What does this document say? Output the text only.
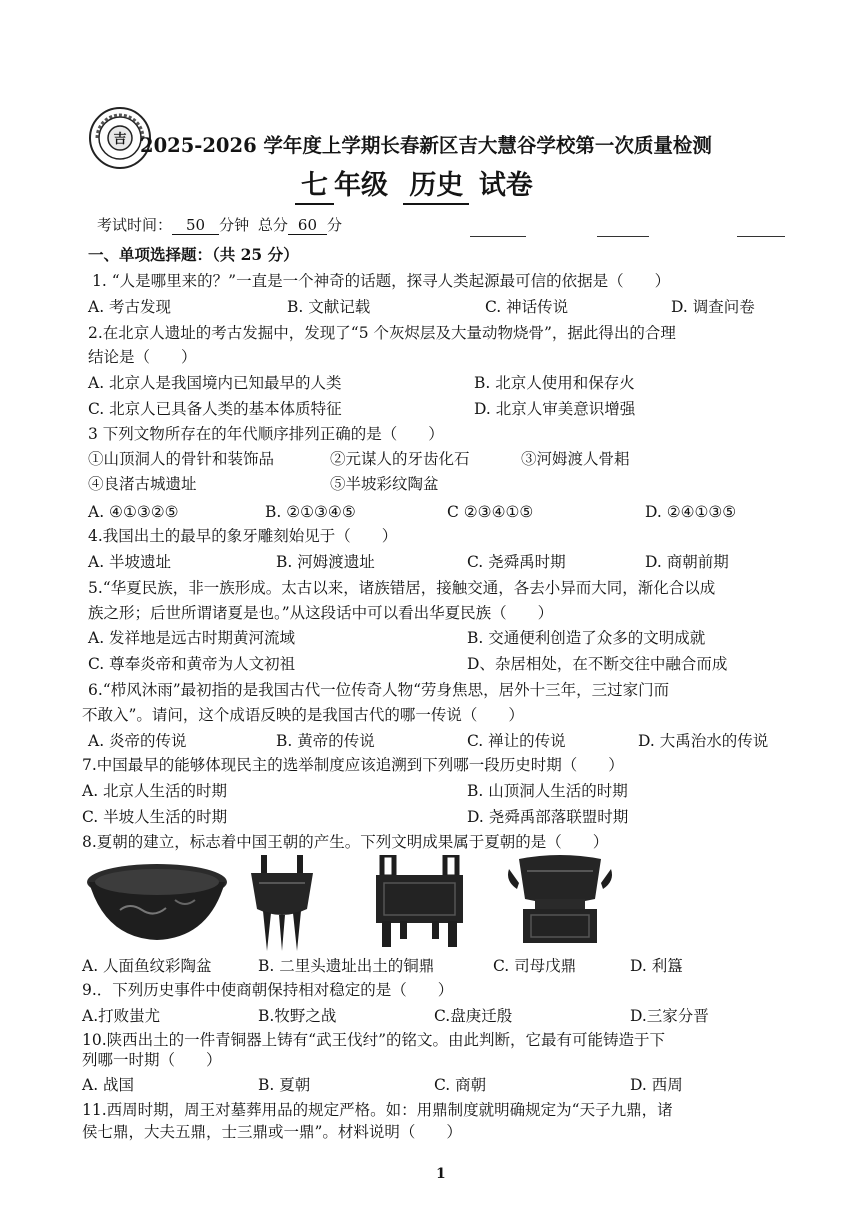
吉 2025-2026 学年度上学期长春新区吉大慧谷学校第一次质量检测
七 年级 历史 试卷
考试时间： 50 分钟 总分 60 分
一、单项选择题：（共 25 分）
1. “人是哪里来的？”一直是一个神奇的话题，探寻人类起源最可信的依据是（　　）
A. 考古发现	B. 文献记载	C. 神话传说	D. 调查问卷
2.在北京人遗址的考古发掘中，发现了“5 个灰烬层及大量动物烧骨”，据此得出的合理
结论是（　　）
A. 北京人是我国境内已知最早的人类	B. 北京人使用和保存火
C. 北京人已具备人类的基本体质特征	D. 北京人审美意识增强
3 下列文物所存在的年代顺序排列正确的是（　　）
①山顶洞人的骨针和装饰品	②元谋人的牙齿化石	③河姆渡人骨耜
④良渚古城遗址	⑤半坡彩纹陶盆
A. ④①③②⑤	B. ②①③④⑤	C ②③④①⑤	D. ②④①③⑤
4.我国出土的最早的象牙雕刻始见于（　　）
A. 半坡遗址	B. 河姆渡遗址	C. 尧舜禹时期	D. 商朝前期
5.“华夏民族，非一族形成。太古以来，诸族错居，接触交通，各去小异而大同，渐化合以成
族之形；后世所谓诸夏是也。”从这段话中可以看出华夏民族（　　）
A. 发祥地是远古时期黄河流域	B. 交通便利创造了众多的文明成就
C. 尊奉炎帝和黄帝为人文初祖	D、杂居相处，在不断交往中融合而成
6.“栉风沐雨”最初指的是我国古代一位传奇人物“劳身焦思，居外十三年，三过家门而
不敢入”。请问，这个成语反映的是我国古代的哪一传说（　　）
A. 炎帝的传说	B. 黄帝的传说	C. 禅让的传说	D. 大禹治水的传说
7.中国最早的能够体现民主的选举制度应该追溯到下列哪一段历史时期（　　）
A. 北京人生活的时期	B. 山顶洞人生活的时期
C. 半坡人生活的时期	D. 尧舜禹部落联盟时期
8.夏朝的建立，标志着中国王朝的产生。下列文明成果属于夏朝的是（　　）
A. 人面鱼纹彩陶盆	B. 二里头遗址出土的铜鼎	C. 司母戊鼎	D. 利簋
9.．下列历史事件中使商朝保持相对稳定的是（　　）
A.打败蚩尤	B.牧野之战	C.盘庚迁殷	D.三家分晋
10.陕西出土的一件青铜器上铸有“武王伐纣”的铭文。由此判断，它最有可能铸造于下
列哪一时期（　　）
A. 战国	B. 夏朝	C. 商朝	D. 西周
11.西周时期，周王对墓葬用品的规定严格。如：用鼎制度就明确规定为“天子九鼎，诸
侯七鼎，大夫五鼎，士三鼎或一鼎”。材料说明（　　）
1
